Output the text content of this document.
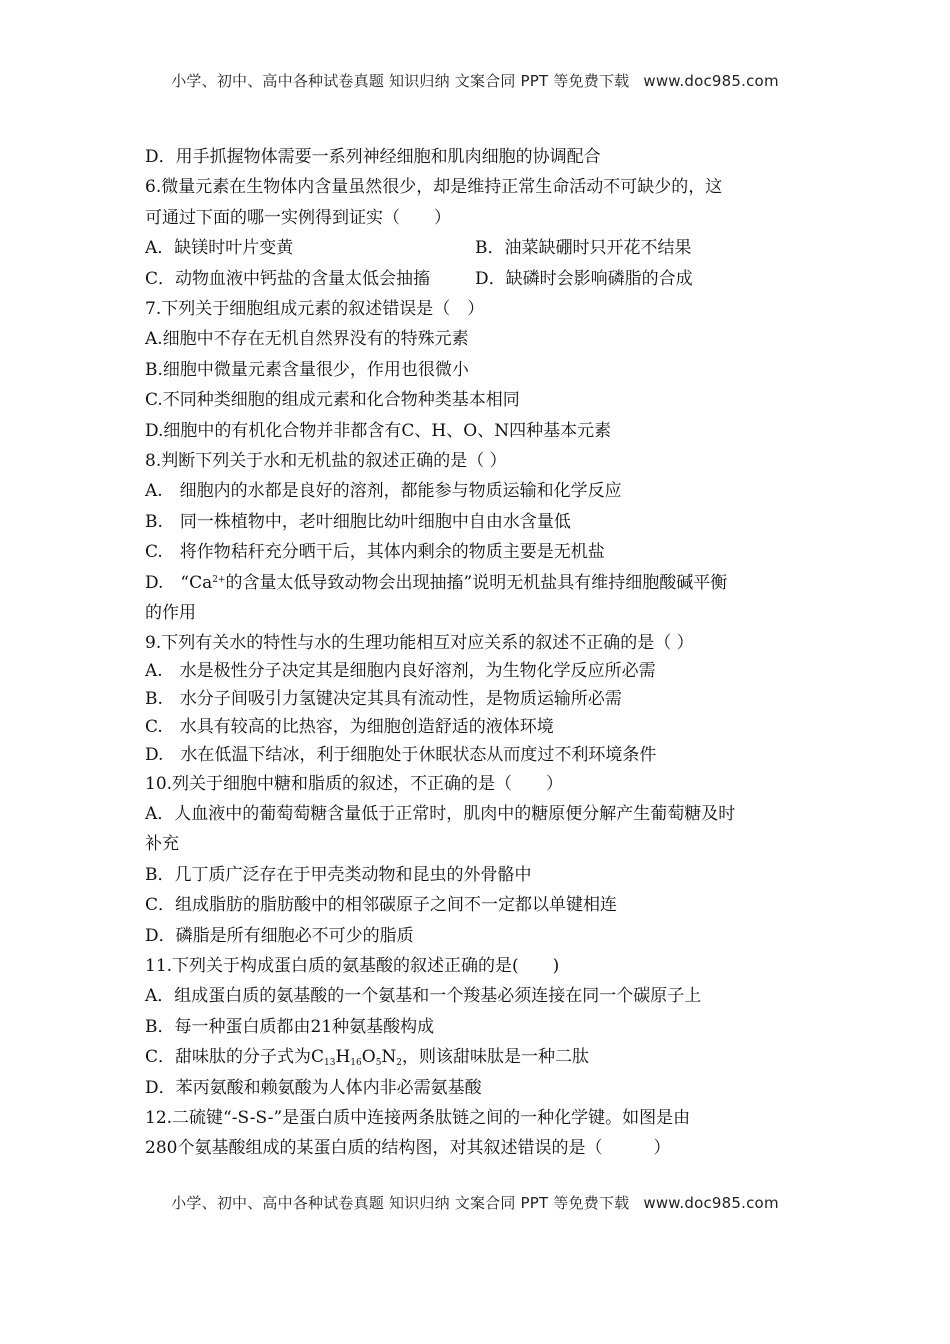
小学、初中、高中各种试卷真题 知识归纳 文案合同 PPT 等免费下载 www.doc985.com
D．用手抓握物体需要一系列神经细胞和肌肉细胞的协调配合
6.微量元素在生物体内含量虽然很少，却是维持正常生命活动不可缺少的，这
可通过下面的哪一实例得到证实（　　）
A．缺镁时叶片变黄	B．油菜缺硼时只开花不结果
C．动物血液中钙盐的含量太低会抽搐	D．缺磷时会影响磷脂的合成
7.下列关于细胞组成元素的叙述错误是（　）
A.细胞中不存在无机自然界没有的特殊元素
B.细胞中微量元素含量很少，作用也很微小
C.不同种类细胞的组成元素和化合物种类基本相同
D.细胞中的有机化合物并非都含有C、H、O、N四种基本元素
8.判断下列关于水和无机盐的叙述正确的是（ ）
A.　细胞内的水都是良好的溶剂，都能参与物质运输和化学反应
B.　同一株植物中，老叶细胞比幼叶细胞中自由水含量低
C.　将作物秸秆充分晒干后，其体内剩余的物质主要是无机盐
D.　“$Ca^{2+}$的含量太低导致动物会出现抽搐”说明无机盐具有维持细胞酸碱平衡
的作用
9.下列有关水的特性与水的生理功能相互对应关系的叙述不正确的是（ ）
A.　水是极性分子决定其是细胞内良好溶剂，为生物化学反应所必需
B.　水分子间吸引力氢键决定其具有流动性，是物质运输所必需
C.　水具有较高的比热容，为细胞创造舒适的液体环境
D.　水在低温下结冰，利于细胞处于休眠状态从而度过不利环境条件
10.列关于细胞中糖和脂质的叙述，不正确的是（　　）
A．人血液中的葡萄萄糖含量低于正常时，肌肉中的糖原便分解产生葡萄糖及时
补充
B．几丁质广泛存在于甲壳类动物和昆虫的外骨骼中
C．组成脂肪的脂肪酸中的相邻碳原子之间不一定都以单键相连
D．磷脂是所有细胞必不可少的脂质
11.下列关于构成蛋白质的氨基酸的叙述正确的是(　　)
A．组成蛋白质的氨基酸的一个氨基和一个羧基必须连接在同一个碳原子上
B．每一种蛋白质都由21种氨基酸构成
C．甜味肽的分子式为$C_{13}H_{16}O_5N_2$，则该甜味肽是一种二肽
D．苯丙氨酸和赖氨酸为人体内非必需氨基酸
12.二硫键“-S-S-”是蛋白质中连接两条肽链之间的一种化学键。如图是由
280个氨基酸组成的某蛋白质的结构图，对其叙述错误的是（　　　）
小学、初中、高中各种试卷真题 知识归纳 文案合同 PPT 等免费下载 www.doc985.com
